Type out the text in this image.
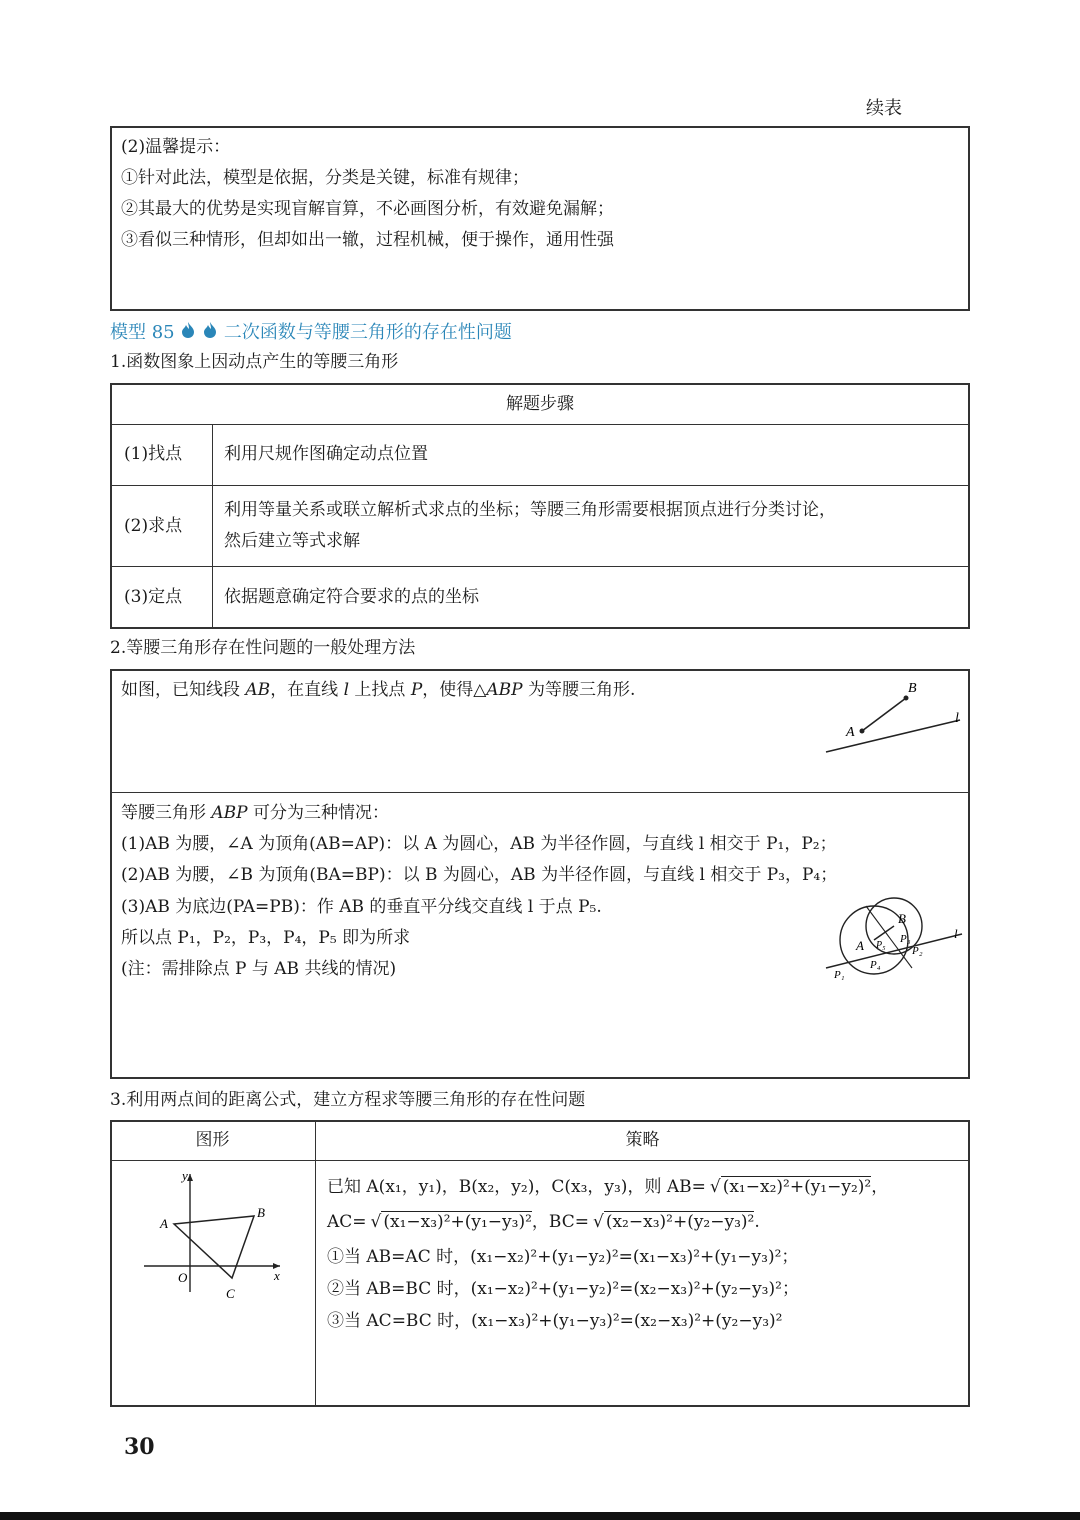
续表
(2)温馨提示：
①针对此法，模型是依据，分类是关键，标准有规律；
②其最大的优势是实现盲解盲算，不必画图分析，有效避免漏解；
③看似三种情形，但却如出一辙，过程机械，便于操作，通用性强
模型 85	二次函数与等腰三角形的存在性问题
1.函数图象上因动点产生的等腰三角形
解题步骤
(1)找点 利用尺规作图确定动点位置
(2)求点
利用等量关系或联立解析式求点的坐标；等腰三角形需要根据顶点进行分类讨论，
然后建立等式求解
(3)定点 依据题意确定符合要求的点的坐标
2.等腰三角形存在性问题的一般处理方法
如图，已知线段 AB，在直线 l 上找点 P，使得△ABP 为等腰三角形.
A
B
l
等腰三角形 ABP 可分为三种情况：
(1)AB 为腰，∠A 为顶角(AB=AP)：以 A 为圆心，AB 为半径作圆，与直线 l 相交于 P₁，P₂；
(2)AB 为腰，∠B 为顶角(BA=BP)：以 B 为圆心，AB 为半径作圆，与直线 l 相交于 P₃，P₄；
(3)AB 为底边(PA=PB)：作 AB 的垂直平分线交直线 l 于点 P₅.
所以点 P₁，P₂，P₃，P₄，P₅ 即为所求
(注：需排除点 P 与 AB 共线的情况)
A
B
l
P₁
P₂
P₃
P₄
P₅
3.利用两点间的距离公式，建立方程求等腰三角形的存在性问题
图形	策略
y
x
O
A
B
C
已知 A(x₁，y₁)，B(x₂，y₂)，C(x₃，y₃)，则 AB= √ (x₁−x₂)²+(y₁−y₂)²，
AC= √ (x₁−x₃)²+(y₁−y₃)²，BC= √ (x₂−x₃)²+(y₂−y₃)².
①当 AB=AC 时，(x₁−x₂)²+(y₁−y₂)²=(x₁−x₃)²+(y₁−y₃)²；
②当 AB=BC 时，(x₁−x₂)²+(y₁−y₂)²=(x₂−x₃)²+(y₂−y₃)²；
③当 AC=BC 时，(x₁−x₃)²+(y₁−y₃)²=(x₂−x₃)²+(y₂−y₃)²
30
